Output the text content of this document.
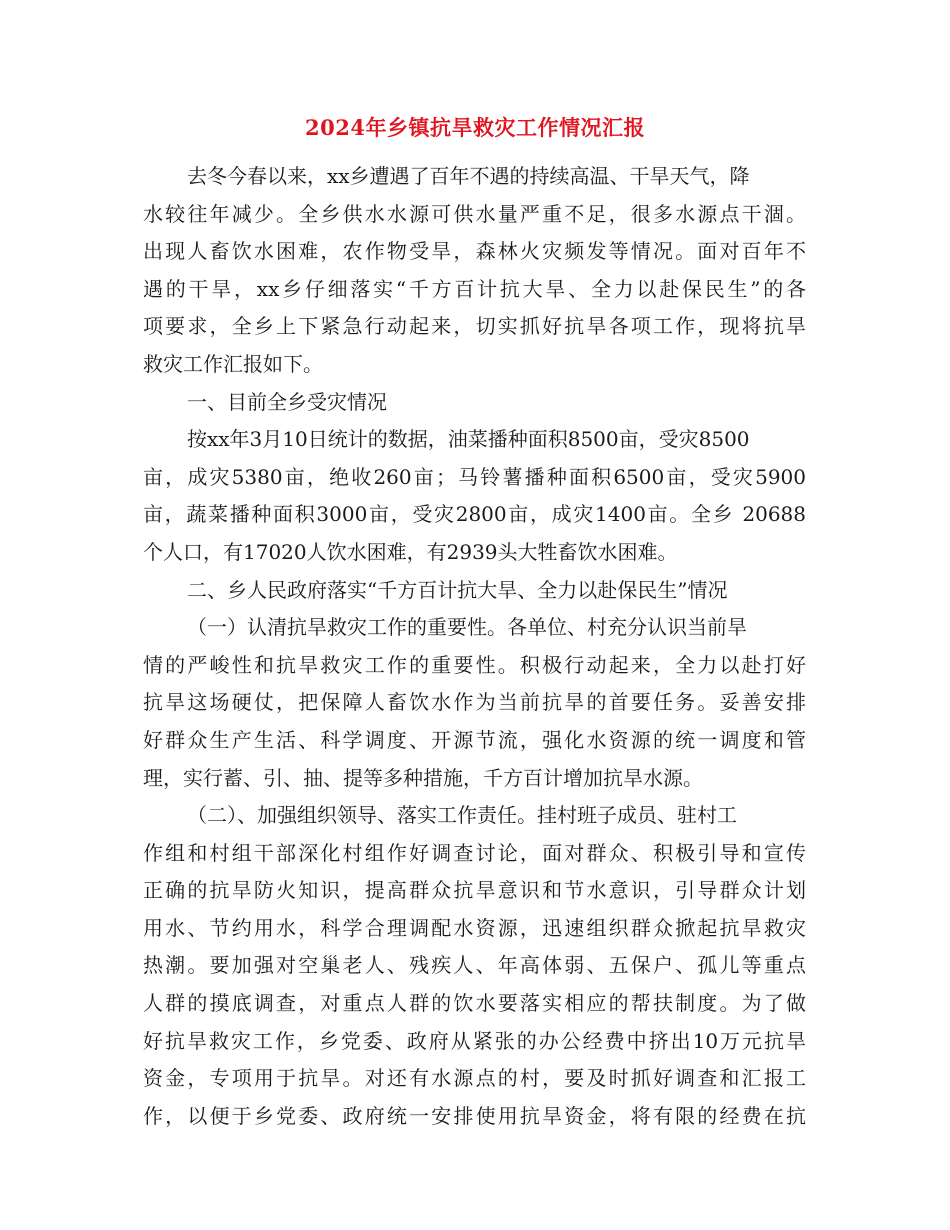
2024年乡镇抗旱救灾工作情况汇报
去冬今春以来，xx乡遭遇了百年不遇的持续高温、干旱天气，降
水较往年减少。全乡供水水源可供水量严重不足，很多水源点干涸。
出现人畜饮水困难，农作物受旱，森林火灾频发等情况。面对百年不
遇的干旱，xx乡仔细落实“千方百计抗大旱、全力以赴保民生”的各
项要求，全乡上下紧急行动起来，切实抓好抗旱各项工作，现将抗旱
救灾工作汇报如下。
一、目前全乡受灾情况
按xx年3月10日统计的数据，油菜播种面积8500亩，受灾8500
亩，成灾5380亩，绝收260亩；马铃薯播种面积6500亩，受灾5900
亩，蔬菜播种面积3000亩，受灾2800亩，成灾1400亩。全乡 20688
个人口，有17020人饮水困难，有2939头大牲畜饮水困难。
二、乡人民政府落实“千方百计抗大旱、全力以赴保民生”情况
（一）认清抗旱救灾工作的重要性。各单位、村充分认识当前旱
情的严峻性和抗旱救灾工作的重要性。积极行动起来，全力以赴打好
抗旱这场硬仗，把保障人畜饮水作为当前抗旱的首要任务。妥善安排
好群众生产生活、科学调度、开源节流，强化水资源的统一调度和管
理，实行蓄、引、抽、提等多种措施，千方百计增加抗旱水源。
（二）、加强组织领导、落实工作责任。挂村班子成员、驻村工
作组和村组干部深化村组作好调查讨论，面对群众、积极引导和宣传
正确的抗旱防火知识，提高群众抗旱意识和节水意识，引导群众计划
用水、节约用水，科学合理调配水资源，迅速组织群众掀起抗旱救灾
热潮。要加强对空巢老人、残疾人、年高体弱、五保户、孤儿等重点
人群的摸底调查，对重点人群的饮水要落实相应的帮扶制度。为了做
好抗旱救灾工作，乡党委、政府从紧张的办公经费中挤出10万元抗旱
资金，专项用于抗旱。对还有水源点的村，要及时抓好调查和汇报工
作，以便于乡党委、政府统一安排使用抗旱资金，将有限的经费在抗
